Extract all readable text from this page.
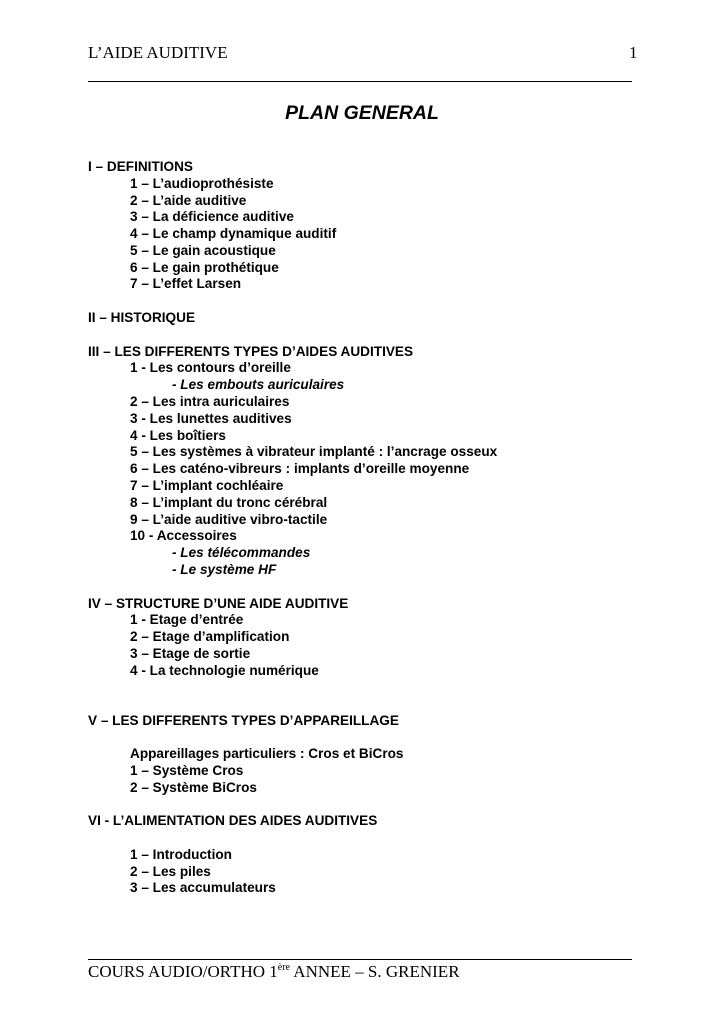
L’AIDE AUDITIVE	1
PLAN GENERAL
I – DEFINITIONS
1 – L’audioprothésiste
2 – L’aide auditive
3 – La déficience auditive
4 – Le champ dynamique auditif
5 – Le gain acoustique
6 – Le gain prothétique
7 – L’effet Larsen
II – HISTORIQUE
III – LES DIFFERENTS TYPES D’AIDES AUDITIVES
1 - Les contours d’oreille
- Les embouts auriculaires
2 – Les intra auriculaires
3 - Les lunettes auditives
4 - Les boîtiers
5 – Les systèmes à vibrateur implanté : l’ancrage osseux
6 – Les caténo-vibreurs : implants d’oreille moyenne
7 – L’implant cochléaire
8 – L’implant du tronc cérébral
9 – L’aide auditive vibro-tactile
10 - Accessoires
- Les télécommandes
- Le système HF
IV – STRUCTURE D’UNE AIDE AUDITIVE
1 - Etage d’entrée
2 – Etage d’amplification
3 – Etage de sortie
4 - La technologie numérique
V – LES DIFFERENTS TYPES D’APPAREILLAGE
Appareillages particuliers : Cros et BiCros
1 – Système Cros
2 – Système BiCros
VI - L’ALIMENTATION DES AIDES AUDITIVES
1 – Introduction
2 – Les piles
3 – Les accumulateurs
COURS AUDIO/ORTHO 1ère ANNEE – S. GRENIER
